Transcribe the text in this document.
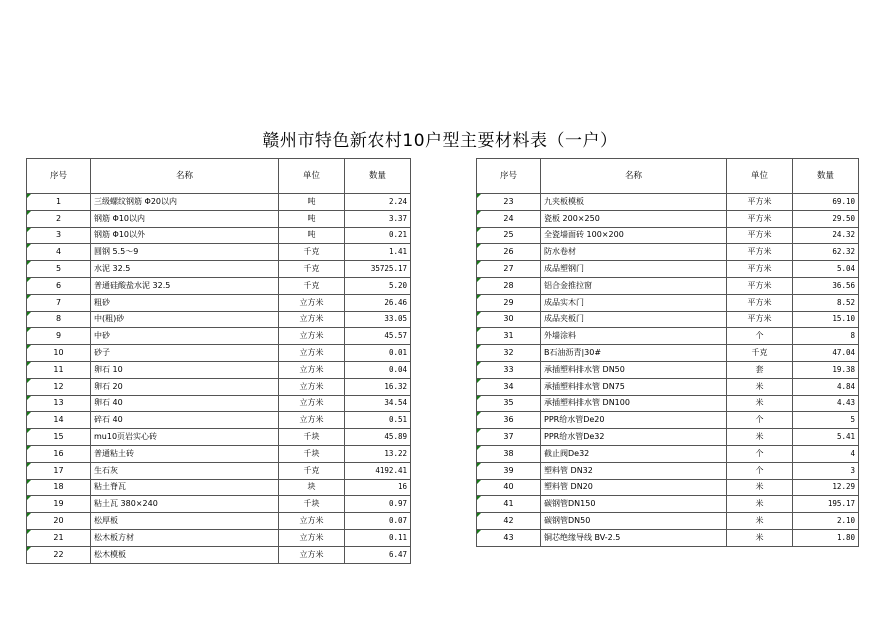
赣州市特色新农村10户型主要材料表（一户）
序号	名称	单位	数量
1	三级螺纹钢筋 Φ20以内	吨	2.24
2	钢筋 Φ10以内	吨	3.37
3	钢筋 Φ10以外	吨	0.21
4	圆钢 5.5～9	千克	1.41
5	水泥 32.5	千克	35725.17
6	普通硅酸盐水泥 32.5	千克	5.20
7	粗砂	立方米	26.46
8	中(粗)砂	立方米	33.05
9	中砂	立方米	45.57
10	砂子	立方米	0.01
11	卵石 10	立方米	0.04
12	卵石 20	立方米	16.32
13	卵石 40	立方米	34.54
14	碎石 40	立方米	0.51
15	mu10页岩实心砖	千块	45.89
16	普通粘土砖	千块	13.22
17	生石灰	千克	4192.41
18	粘土脊瓦	块	16
19	粘土瓦 380×240	千块	0.97
20	松厚板	立方米	0.07
21	松木板方材	立方米	0.11
22	松木模板	立方米	6.47
序号	名称	单位	数量
23	九夹板模板	平方米	69.10
24	瓷板 200×250	平方米	29.50
25	全瓷墙面砖 100×200	平方米	24.32
26	防水卷材	平方米	62.32
27	成品塑钢门	平方米	5.04
28	铝合金推拉窗	平方米	36.56
29	成品实木门	平方米	8.52
30	成品夹板门	平方米	15.10
31	外墙涂料	个	8
32	B石油沥青|30#	千克	47.04
33	承插塑料排水管 DN50	套	19.38
34	承插塑料排水管 DN75	米	4.84
35	承插塑料排水管 DN100	米	4.43
36	PPR给水管De20	个	5
37	PPR给水管De32	米	5.41
38	截止阀De32	个	4
39	塑料管 DN32	个	3
40	塑料管 DN20	米	12.29
41	碳钢管DN150	米	195.17
42	碳钢管DN50	米	2.10
43	铜芯绝缘导线 BV-2.5	米	1.80
